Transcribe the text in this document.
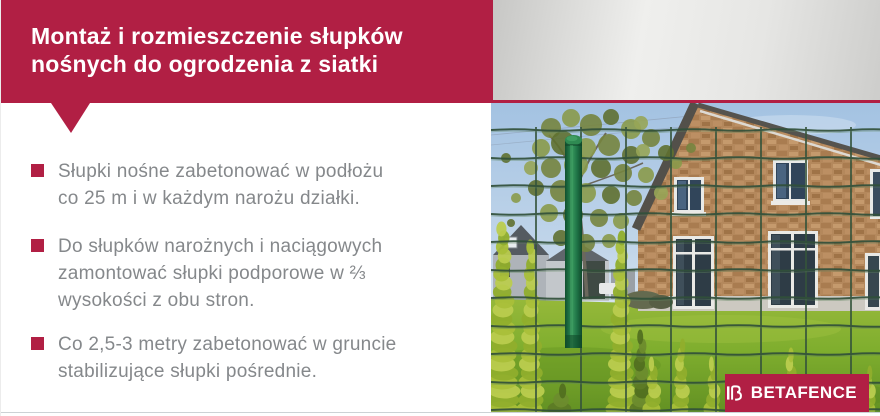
Montaż i rozmieszczenie słupków
nośnych do ogrodzenia z siatki

Słupki nośne zabetonować w podłożu
co 25 m i w każdym narożu działki.

Do słupków narożnych i naciągowych
zamontować słupki podporowe w ⅔
wysokości z obu stron.

Co 2,5-3 metry zabetonować w gruncie
stabilizujące słupki pośrednie.

BETAFENCE
